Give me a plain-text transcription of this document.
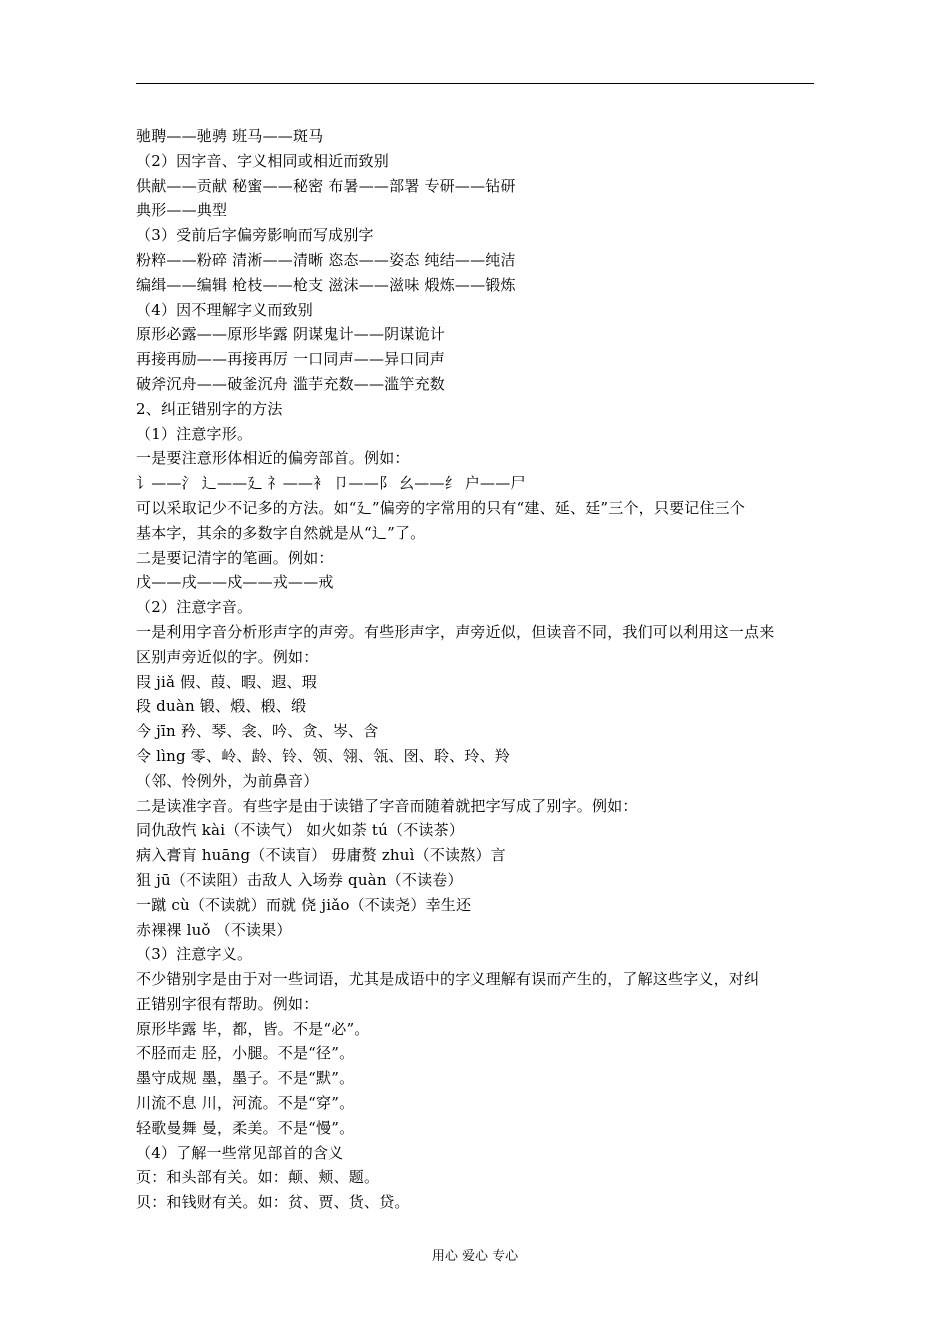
驰聘——驰骋 班马——斑马
（2）因字音、字义相同或相近而致别
供献——贡献 秘蜜——秘密 布暑——部署 专研——钻研
典形——典型
（3）受前后字偏旁影响而写成别字
粉粹——粉碎 清淅——清晰 恣态——姿态 纯结——纯洁
编缉——编辑 枪枝——枪支 滋沫——滋味 煅炼——锻炼
（4）因不理解字义而致别
原形必露——原形毕露 阴谋鬼计——阴谋诡计
再接再励——再接再厉 一口同声——异口同声
破斧沉舟——破釜沉舟 滥芋充数——滥竽充数
2、纠正错别字的方法
（1）注意字形。
一是要注意形体相近的偏旁部首。例如：
讠——氵 辶——廴 礻——衤 卩——阝 幺——纟 户——尸
可以采取记少不记多的方法。如“廴”偏旁的字常用的只有“建、延、廷”三个，只要记住三个
基本字，其余的多数字自然就是从“辶”了。
二是要记清字的笔画。例如：
戊——戌——戍——戎——戒
（2）注意字音。
一是利用字音分析形声字的声旁。有些形声字，声旁近似，但读音不同，我们可以利用这一点来
区别声旁近似的字。例如：
叚 jiǎ 假、葭、暇、遐、瑕
段 duàn 锻、煅、椴、缎
今 jīn 矜、琴、衾、吟、贪、岑、含
令 lìng 零、岭、龄、铃、领、翎、瓴、囹、聆、玲、羚
（邻、怜例外，为前鼻音）
二是读准字音。有些字是由于读错了字音而随着就把字写成了别字。例如：
同仇敌忾 kài（不读气） 如火如荼 tú（不读茶）
病入膏肓 huāng（不读盲） 毋庸赘 zhuì（不读熬）言
狙 jū（不读阻）击敌人 入场券 quàn（不读卷）
一蹴 cù（不读就）而就 侥 jiǎo（不读尧）幸生还
赤裸裸 luǒ （不读果）
（3）注意字义。
不少错别字是由于对一些词语，尤其是成语中的字义理解有误而产生的，了解这些字义，对纠
正错别字很有帮助。例如：
原形毕露 毕，都，皆。不是“必”。
不胫而走 胫，小腿。不是“径”。
墨守成规 墨，墨子。不是“默”。
川流不息 川，河流。不是“穿”。
轻歌曼舞 曼，柔美。不是“慢”。
（4）了解一些常见部首的含义
页：和头部有关。如：颠、颊、题。
贝：和钱财有关。如：贫、贾、货、贷。
用心 爱心 专心
